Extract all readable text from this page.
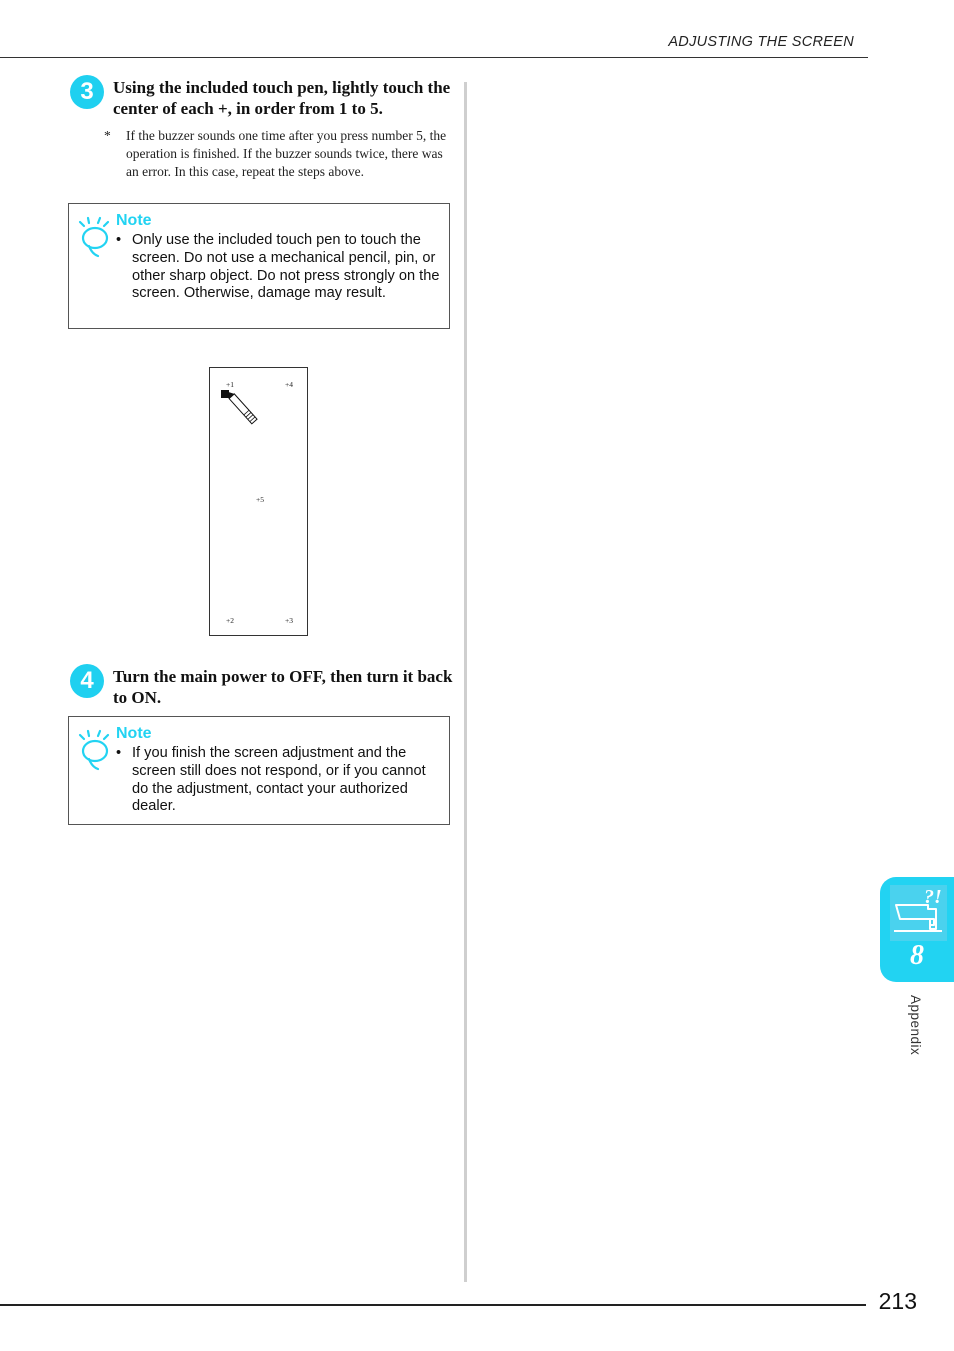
ADJUSTING THE SCREEN
3	Using the included touch pen, lightly touch the center of each +, in order from 1 to 5.
* If the buzzer sounds one time after you press number 5, the operation is finished. If the buzzer sounds twice, there was an error. In this case, repeat the steps above.
Note
• Only use the included touch pen to touch the screen. Do not use a mechanical pencil, pin, or other sharp object. Do not press strongly on the screen. Otherwise, damage may result.
+1	+4
+5
+2	+3
4	Turn the main power to OFF, then turn it back to ON.
Note
• If you finish the screen adjustment and the screen still does not respond, or if you cannot do the adjustment, contact your authorized dealer.
?!
8
Appendix
213
